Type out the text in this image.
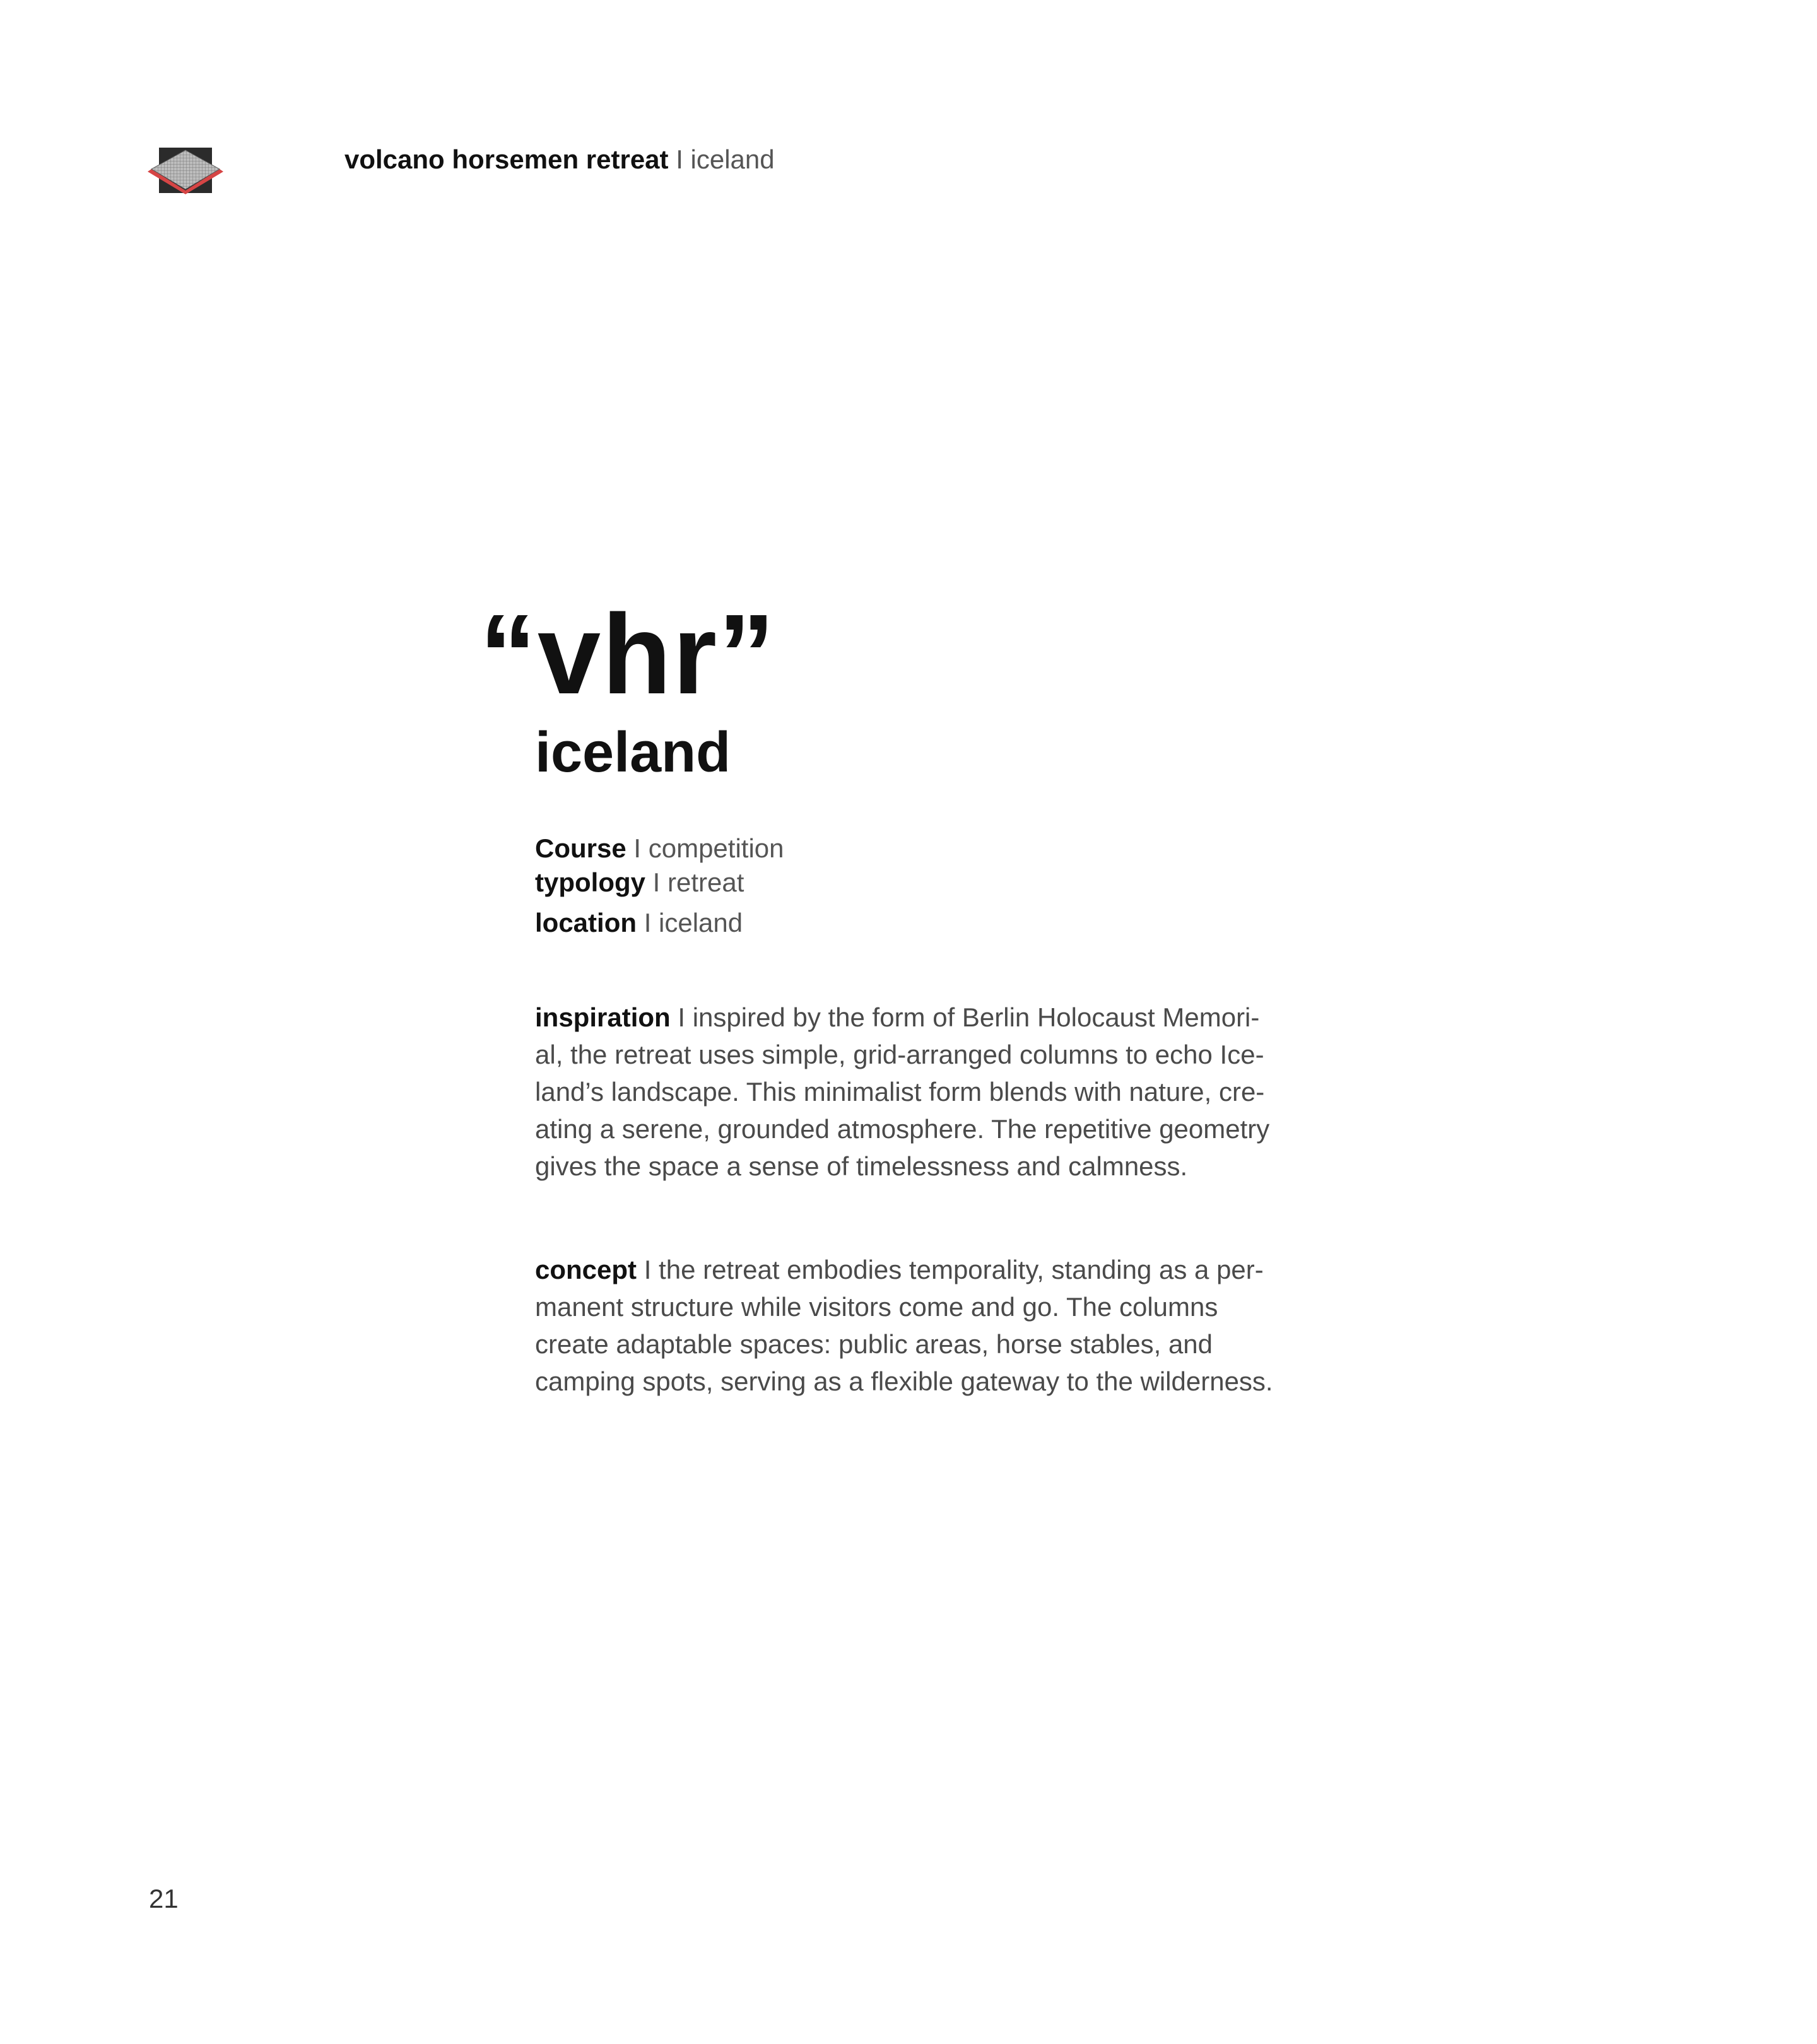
volcano horsemen retreat I iceland
“vhr”
iceland
Course I competition
typology I retreat
location I iceland
inspiration I inspired by the form of Berlin Holocaust Memori-
al, the retreat uses simple, grid-arranged columns to echo Ice-
land’s landscape. This minimalist form blends with nature, cre-
ating a serene, grounded atmosphere. The repetitive geometry
gives the space a sense of timelessness and calmness.
concept I the retreat embodies temporality, standing as a per-
manent structure while visitors come and go. The columns
create adaptable spaces: public areas, horse stables, and
camping spots, serving as a flexible gateway to the wilderness.
21
